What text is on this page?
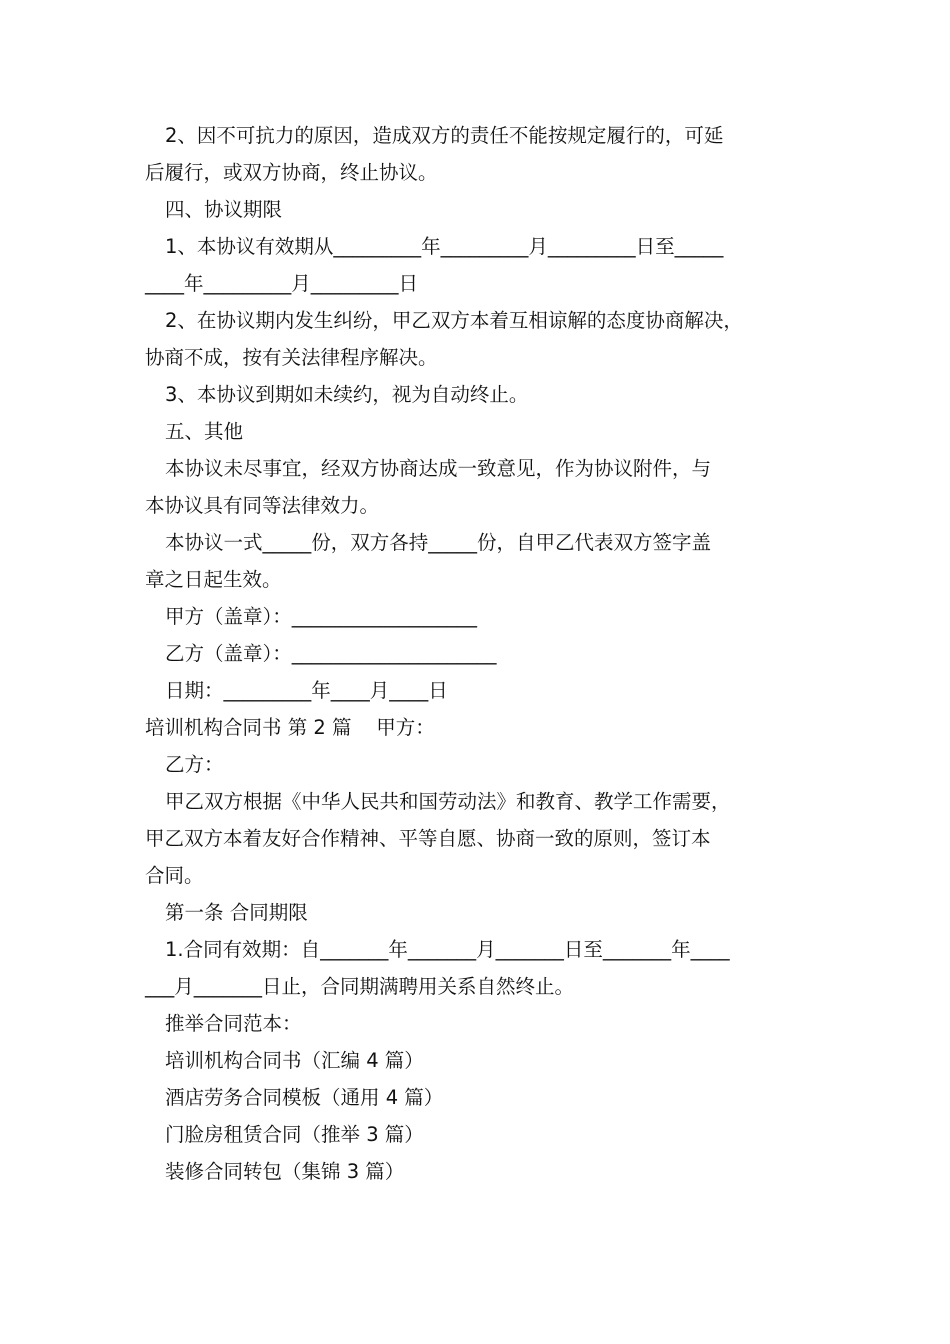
2、因不可抗力的原因，造成双方的责任不能按规定履行的，可延

后履行，或双方协商，终止协议。

四、协议期限

1、本协议有效期从_________年_________月_________日至_____

____年_________月_________日

2、在协议期内发生纠纷，甲乙双方本着互相谅解的态度协商解决，

协商不成，按有关法律程序解决。

3、本协议到期如未续约，视为自动终止。

五、其他

本协议未尽事宜，经双方协商达成一致意见，作为协议附件，与

本协议具有同等法律效力。

本协议一式_____份，双方各持_____份，自甲乙代表双方签字盖

章之日起生效。

甲方（盖章）：___________________

乙方（盖章）：_____________________

日期：_________年____月____日

培训机构合同书 第 2 篇    甲方：

乙方：

甲乙双方根据《中华人民共和国劳动法》和教育、教学工作需要，

甲乙双方本着友好合作精神、平等自愿、协商一致的原则，签订本

合同。

第一条 合同期限

1.合同有效期：自_______年_______月_______日至_______年____

___月_______日止，合同期满聘用关系自然终止。

推举合同范本：

培训机构合同书（汇编 4 篇）

酒店劳务合同模板（通用 4 篇）

门脸房租赁合同（推举 3 篇）

装修合同转包（集锦 3 篇）
